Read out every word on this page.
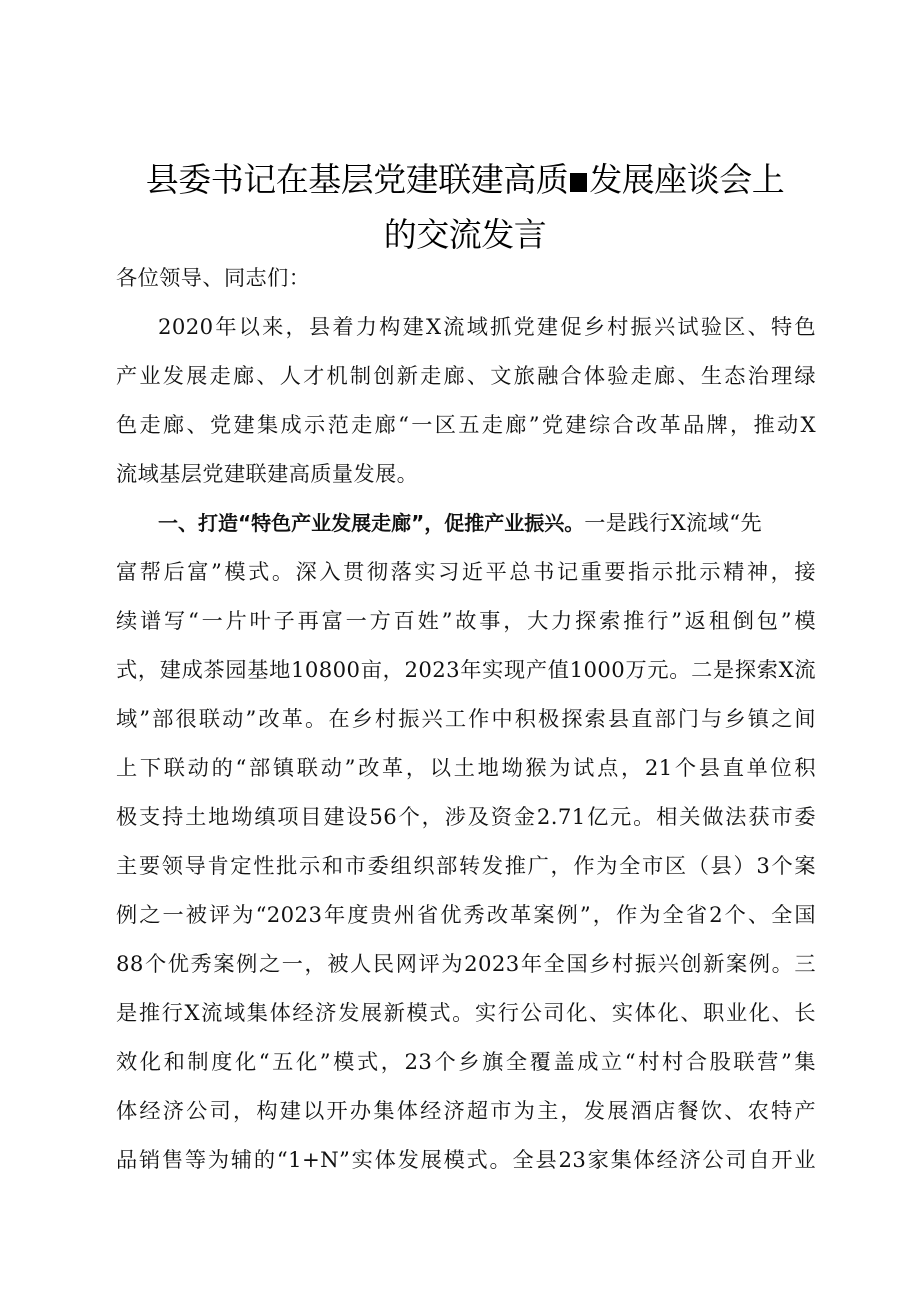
县委书记在基层党建联建高质 发展座谈会上
的交流发言
各位领导、同志们：
2020年以来，县着力构建X流域抓党建促乡村振兴试验区、特色
产业发展走廊、人才机制创新走廊、文旅融合体验走廊、生态治理绿
色走廊、党建集成示范走廊“一区五走廊”党建综合改革品牌，推动X
流域基层党建联建高质量发展。
一、打造“特色产业发展走廊”，促推产业振兴。一是践行X流域“先
富帮后富”模式。深入贯彻落实习近平总书记重要指示批示精神，接
续谱写“一片叶子再富一方百姓”故事，大力探索推行”返租倒包”模
式，建成茶园基地10800亩，2023年实现产值1000万元。二是探索X流
域”部很联动”改革。在乡村振兴工作中积极探索县直部门与乡镇之间
上下联动的“部镇联动”改革，以土地坳猴为试点，21个县直单位积
极支持土地坳缜项目建设56个，涉及资金2.71亿元。相关做法获市委
主要领导肯定性批示和市委组织部转发推广，作为全市区（县）3个案
例之一被评为“2023年度贵州省优秀改革案例”，作为全省2个、全国
88个优秀案例之一，被人民网评为2023年全国乡村振兴创新案例。三
是推行X流域集体经济发展新模式。实行公司化、实体化、职业化、长
效化和制度化“五化”模式，23个乡旗全覆盖成立“村村合股联营”集
体经济公司，构建以开办集体经济超市为主，发展酒店餐饮、农特产
品销售等为辅的“1+N”实体发展模式。全县23家集体经济公司自开业
